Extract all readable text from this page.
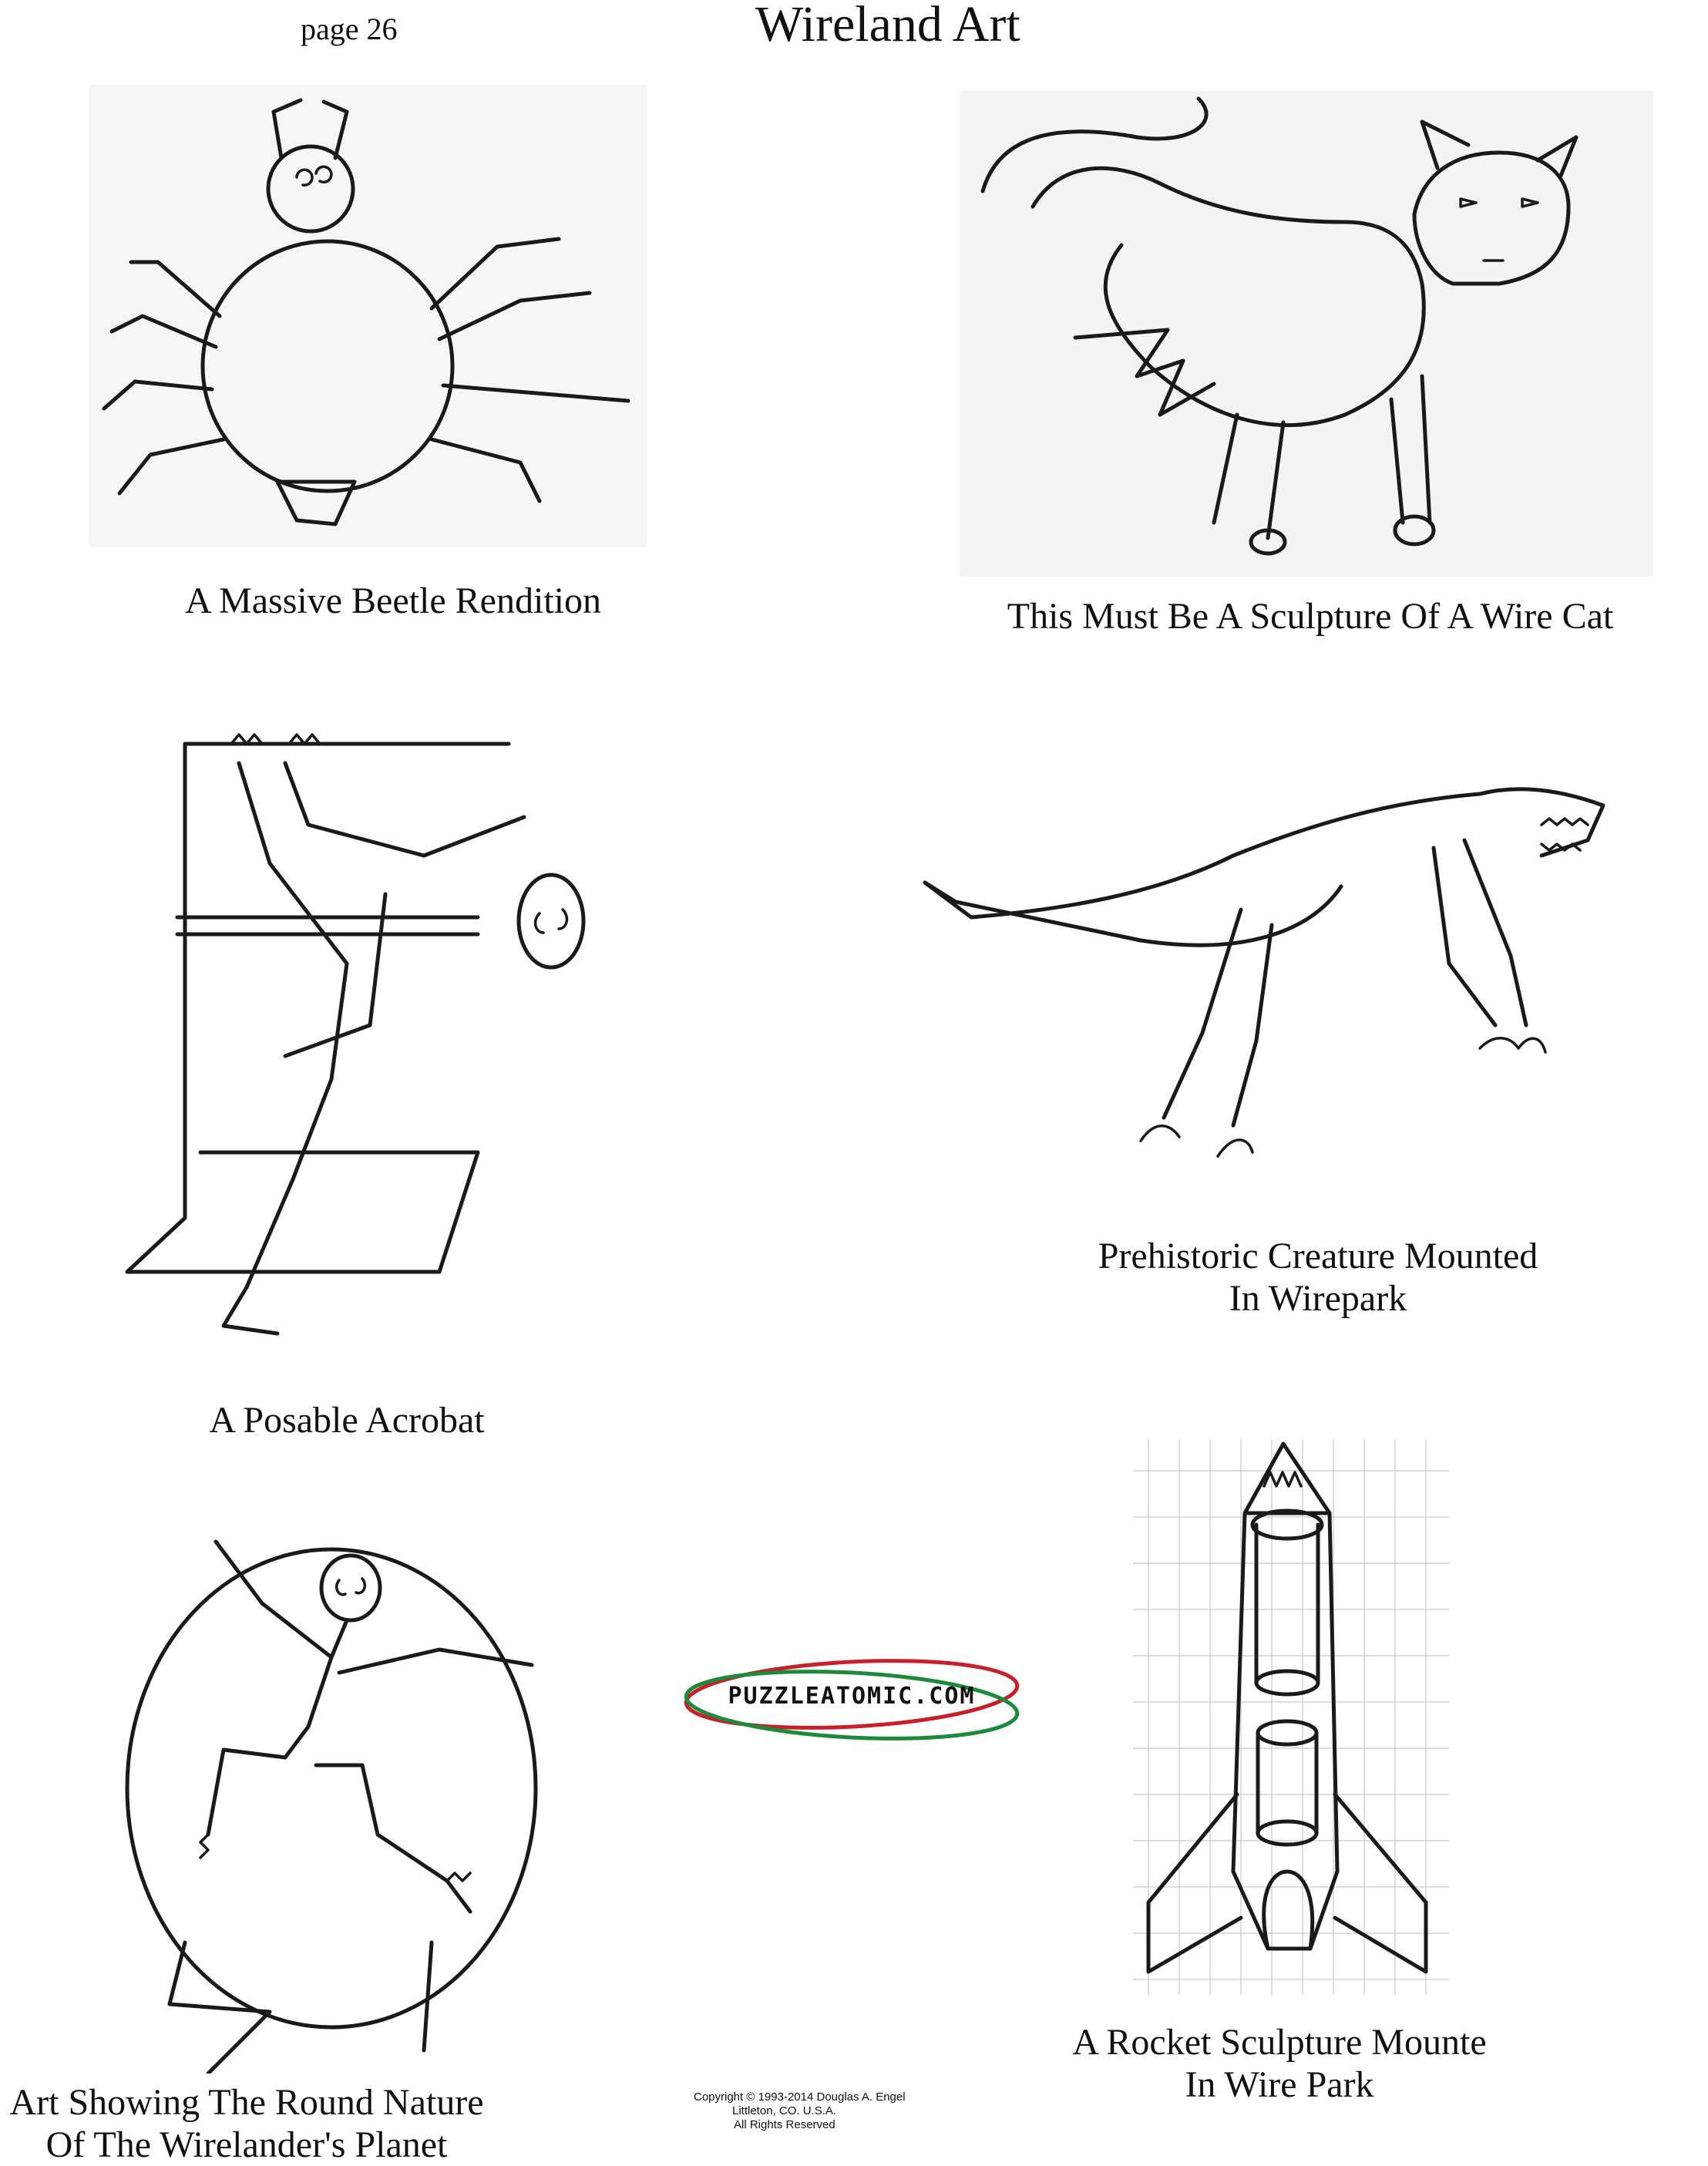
page 26	Wireland Art
A Massive Beetle Rendition	This Must Be A Sculpture Of A Wire Cat
A Posable Acrobat
Prehistoric Creature Mounted
In Wirepark
Art Showing The Round Nature
Of The Wirelander's Planet
PUZZLEATOMIC.COM
A Rocket Sculpture Mounte
In Wire Park
Copyright © 1993-2014 Douglas A. Engel
Littleton, CO. U.S.A.
All Rights Reserved
